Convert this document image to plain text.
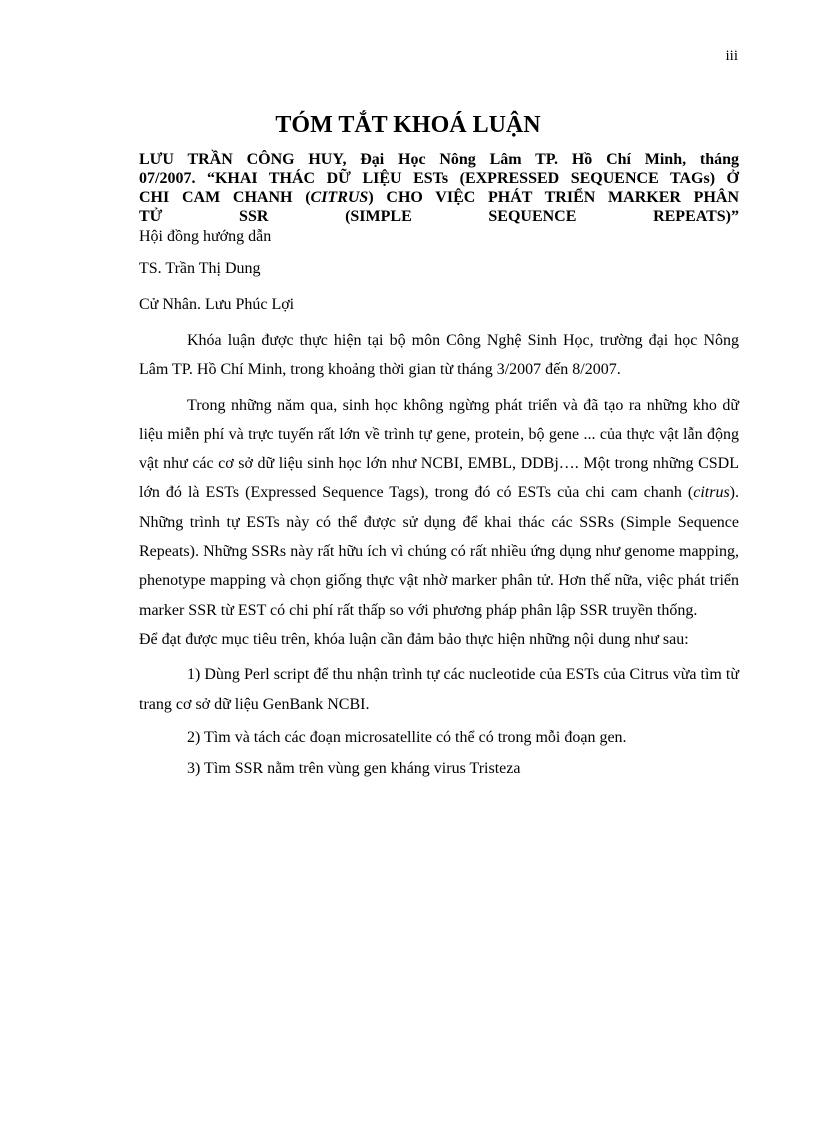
iii
TÓM TẮT KHOÁ LUẬN

LƯU TRẦN CÔNG HUY, Đại Học Nông Lâm TP. Hồ Chí Minh, tháng

07/2007. “KHAI THÁC DỮ LIỆU ESTs (EXPRESSED SEQUENCE TAGs) Ở

CHI CAM CHANH (CITRUS) CHO VIỆC PHÁT TRIỂN MARKER PHÂN

TỬ SSR (SIMPLE SEQUENCE REPEATS)”

Hội đồng hướng dẫn

TS. Trần Thị Dung

Cử Nhân. Lưu Phúc Lợi

Khóa luận được thực hiện tại bộ môn Công Nghệ Sinh Học, trường đại học Nông Lâm TP. Hồ Chí Minh, trong khoảng thời gian từ tháng 3/2007 đến 8/2007.

Trong những năm qua, sinh học không ngừng phát triển và đã tạo ra những kho dữ liệu miễn phí và trực tuyến rất lớn về trình tự gene, protein, bộ gene ... của thực vật lẫn động vật như các cơ sở dữ liệu sinh học lớn như NCBI, EMBL, DDBj…. Một trong những CSDL lớn đó là ESTs (Expressed Sequence Tags), trong đó có ESTs của chi cam chanh (citrus). Những trình tự ESTs này có thể được sử dụng để khai thác các SSRs (Simple Sequence Repeats). Những SSRs này rất hữu ích vì chúng có rất nhiều ứng dụng như genome mapping, phenotype mapping và chọn giống thực vật nhờ marker phân tử. Hơn thế nữa, việc phát triển marker SSR từ EST có chi phí rất thấp so với phương pháp phân lập SSR truyền thống.

Để đạt được mục tiêu trên, khóa luận cần đảm bảo thực hiện những nội dung như sau:

1) Dùng Perl script để thu nhận trình tự các nucleotide của ESTs của Citrus vừa tìm từ trang cơ sở dữ liệu GenBank NCBI.

2) Tìm và tách các đoạn microsatellite có thể có trong mỗi đoạn gen.

3) Tìm SSR nằm trên vùng gen kháng virus Tristeza
